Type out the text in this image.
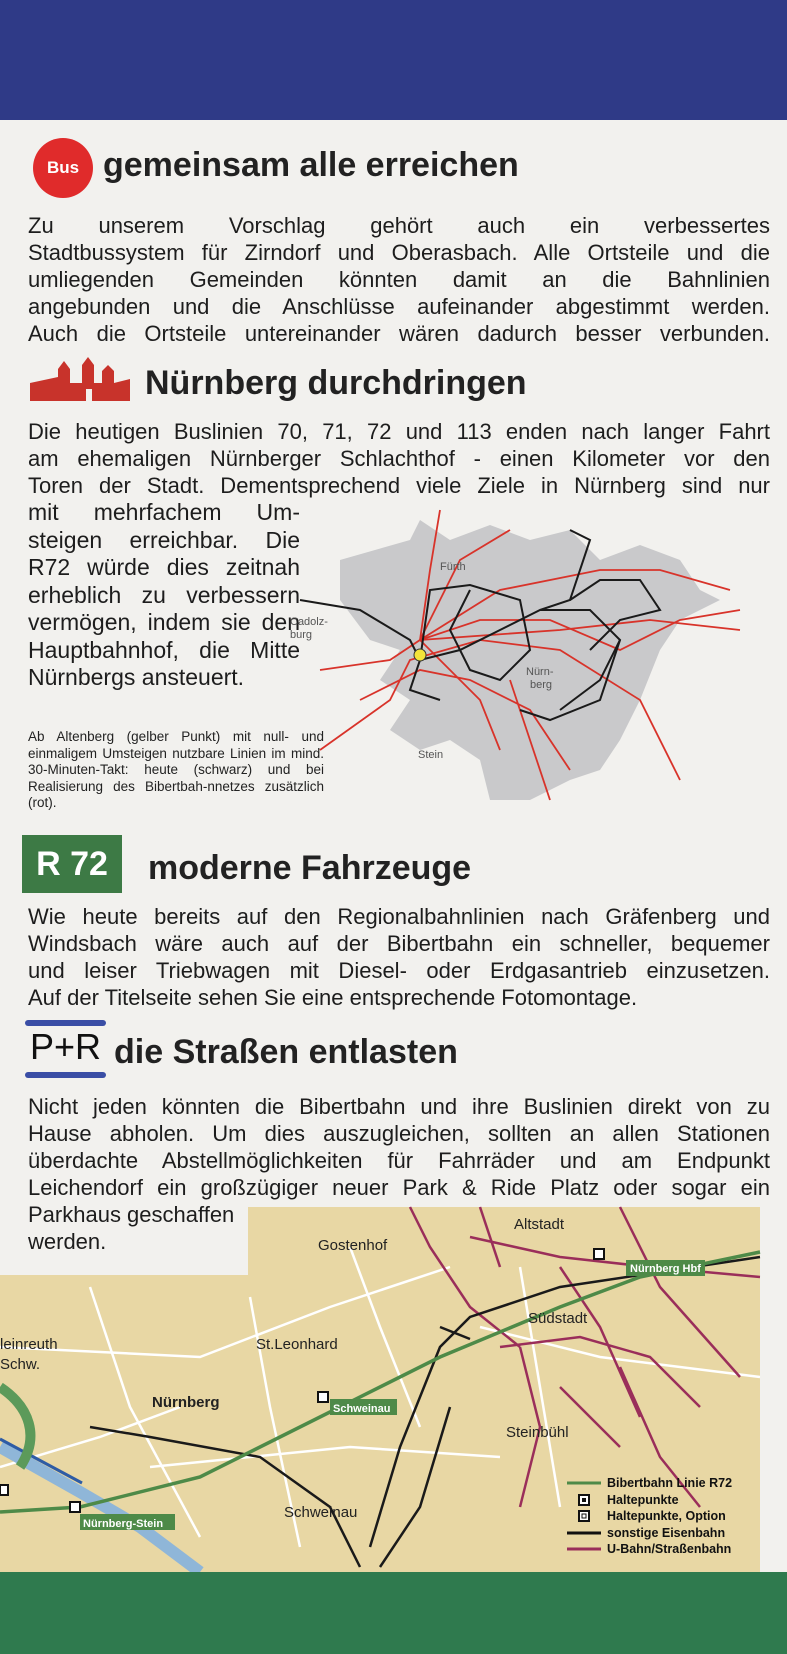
Bus gemeinsam alle erreichen
Zu unserem Vorschlag gehört auch ein verbessertes
Stadtbussystem für Zirndorf und Oberasbach. Alle Ortsteile und die
umliegenden Gemeinden könnten damit an die Bahnlinien
angebunden und die Anschlüsse aufeinander abgestimmt werden.
Auch die Ortsteile untereinander wären dadurch besser verbunden.
Nürnberg durchdringen
Die heutigen Buslinien 70, 71, 72 und 113 enden nach langer Fahrt
am ehemaligen Nürnberger Schlachthof - einen Kilometer vor den
Toren der Stadt. Dementsprechend viele Ziele in Nürnberg sind nur
mit mehrfachem Um-
steigen erreichbar. Die
R72 würde dies zeitnah
erheblich zu verbessern
vermögen, indem sie den
Hauptbahnhof, die Mitte
Nürnbergs ansteuert.
Ab Altenberg (gelber Punkt) mit null- und einmaligem Umsteigen nutzbare Linien im mind. 30-Minuten-Takt: heute (schwarz) und bei Realisierung des Bibertbah-nnetzes zusätzlich (rot).
Fürth
Cadolz-
burg
Nürn-
berg
Stein
R 72	moderne Fahrzeuge
Wie heute bereits auf den Regionalbahnlinien nach Gräfenberg und
Windsbach wäre auch auf der Bibertbahn ein schneller, bequemer
und leiser Triebwagen mit Diesel- oder Erdgasantrieb einzusetzen.
Auf der Titelseite sehen Sie eine entsprechende Fotomontage.
P+R die Straßen entlasten
Nicht jeden könnten die Bibertbahn und ihre Buslinien direkt von zu
Hause abholen. Um dies auszugleichen, sollten an allen Stationen
überdachte Abstellmöglichkeiten für Fahrräder und am Endpunkt
Leichendorf ein großzügiger neuer Park & Ride Platz oder sogar ein
Parkhaus geschaffen
werden.
Nürnberg Hbf
Schweinau
Nürnberg-Stein
Altstadt
Gostenhof
Südstadt
leinreuth
Schw.
St.Leonhard
Nürnberg
Steinbühl
Schweinau
Bibertbahn Linie R72
Haltepunkte
Haltepunkte, Option
sonstige Eisenbahn
U-Bahn/Straßenbahn
